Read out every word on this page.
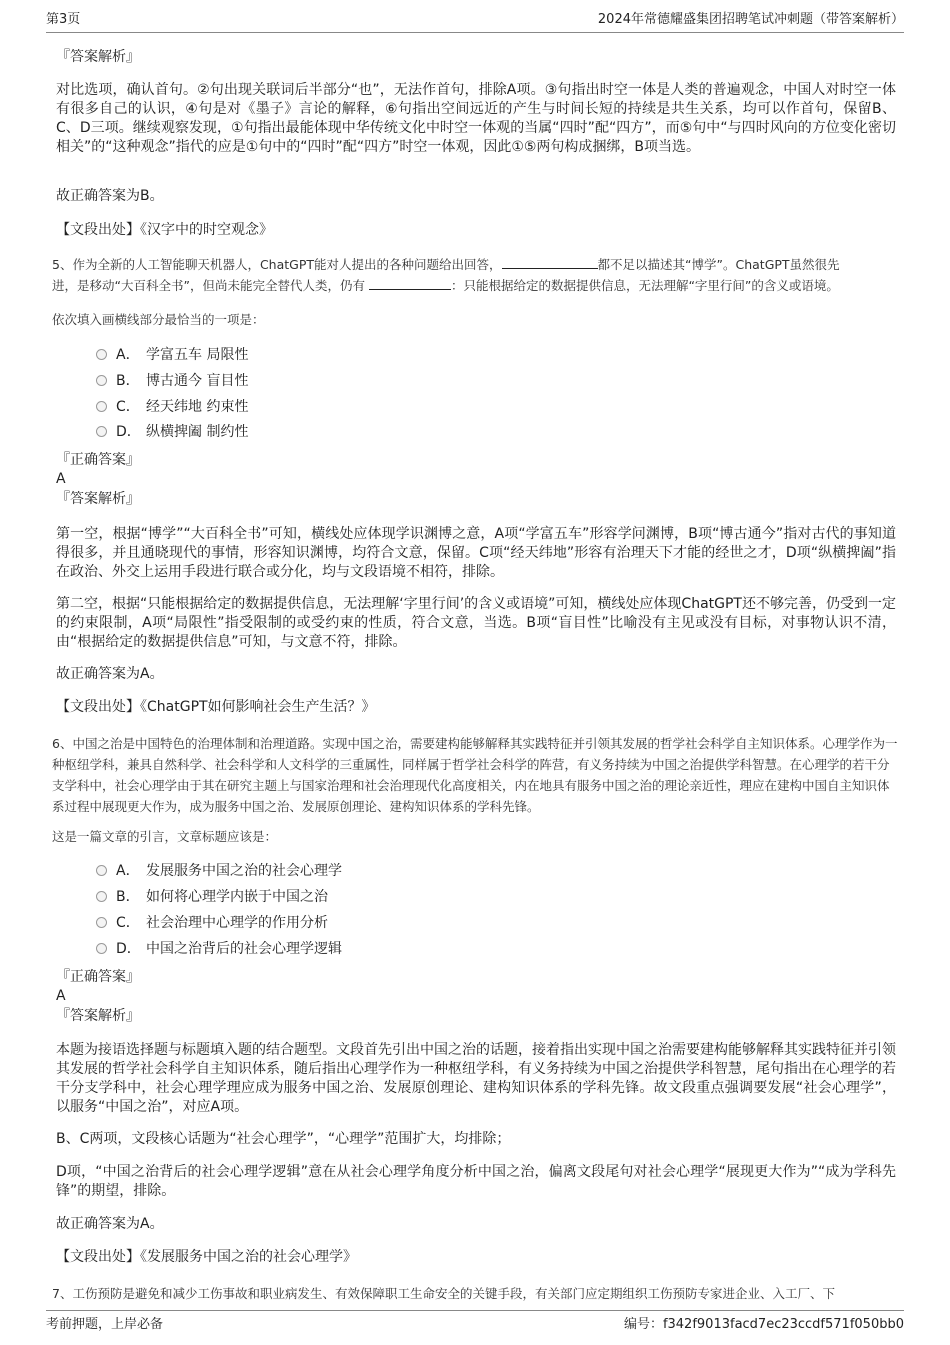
第3页	2024年常德耀盛集团招聘笔试冲刺题（带答案解析）
『答案解析』
对比选项，确认首句。②句出现关联词后半部分“也”，无法作首句，排除A项。③句指出时空一体是人类的普遍观念，中国人对时空一体有很多自己的认识，④句是对《墨子》言论的解释，⑥句指出空间远近的产生与时间长短的持续是共生关系，均可以作首句，保留B、C、D三项。继续观察发现，①句指出最能体现中华传统文化中时空一体观的当属“四时”配“四方”，而⑤句中“与四时风向的方位变化密切相关”的“这种观念”指代的应是①句中的“四时”配“四方”时空一体观，因此①⑤两句构成捆绑，B项当选。
故正确答案为B。
【文段出处】《汉字中的时空观念》
5、作为全新的人工智能聊天机器人，ChatGPT能对人提出的各种问题给出回答，	都不足以描述其“博学”。ChatGPT虽然很先
进，是移动“大百科全书”，但尚未能完全替代人类，仍有	：只能根据给定的数据提供信息，无法理解“字里行间”的含义或语境。
依次填入画横线部分最恰当的一项是：
A． 学富五车 局限性
B． 博古通今 盲目性
C． 经天纬地 约束性
D． 纵横捭阖 制约性
『正确答案』
A
『答案解析』
第一空，根据“博学”“大百科全书”可知，横线处应体现学识渊博之意，A项“学富五车”形容学问渊博，B项“博古通今”指对古代的事知道得很多，并且通晓现代的事情，形容知识渊博，均符合文意，保留。C项“经天纬地”形容有治理天下才能的经世之才，D项“纵横捭阖”指在政治、外交上运用手段进行联合或分化，均与文段语境不相符，排除。
第二空，根据“只能根据给定的数据提供信息，无法理解‘字里行间’的含义或语境”可知，横线处应体现ChatGPT还不够完善，仍受到一定的约束限制，A项“局限性”指受限制的或受约束的性质，符合文意，当选。B项“盲目性”比喻没有主见或没有目标，对事物认识不清，由“根据给定的数据提供信息”可知，与文意不符，排除。
故正确答案为A。
【文段出处】《ChatGPT如何影响社会生产生活？》
6、中国之治是中国特色的治理体制和治理道路。实现中国之治，需要建构能够解释其实践特征并引领其发展的哲学社会科学自主知识体系。心理学作为一种枢纽学科，兼具自然科学、社会科学和人文科学的三重属性，同样属于哲学社会科学的阵营，有义务持续为中国之治提供学科智慧。在心理学的若干分支学科中，社会心理学由于其在研究主题上与国家治理和社会治理现代化高度相关，内在地具有服务中国之治的理论亲近性，理应在建构中国自主知识体系过程中展现更大作为，成为服务中国之治、发展原创理论、建构知识体系的学科先锋。
这是一篇文章的引言，文章标题应该是：
A． 发展服务中国之治的社会心理学
B． 如何将心理学内嵌于中国之治
C． 社会治理中心理学的作用分析
D． 中国之治背后的社会心理学逻辑
『正确答案』
A
『答案解析』
本题为接语选择题与标题填入题的结合题型。文段首先引出中国之治的话题，接着指出实现中国之治需要建构能够解释其实践特征并引领其发展的哲学社会科学自主知识体系，随后指出心理学作为一种枢纽学科，有义务持续为中国之治提供学科智慧，尾句指出在心理学的若干分支学科中，社会心理学理应成为服务中国之治、发展原创理论、建构知识体系的学科先锋。故文段重点强调要发展“社会心理学”，以服务“中国之治”，对应A项。
B、C两项，文段核心话题为“社会心理学”，“心理学”范围扩大，均排除；
D项，“中国之治背后的社会心理学逻辑”意在从社会心理学角度分析中国之治，偏离文段尾句对社会心理学“展现更大作为”“成为学科先锋”的期望，排除。
故正确答案为A。
【文段出处】《发展服务中国之治的社会心理学》
7、工伤预防是避免和减少工伤事故和职业病发生、有效保障职工生命安全的关键手段，有关部门应定期组织工伤预防专家进企业、入工厂、下
考前押题，上岸必备	编号：f342f9013facd7ec23ccdf571f050bb0
